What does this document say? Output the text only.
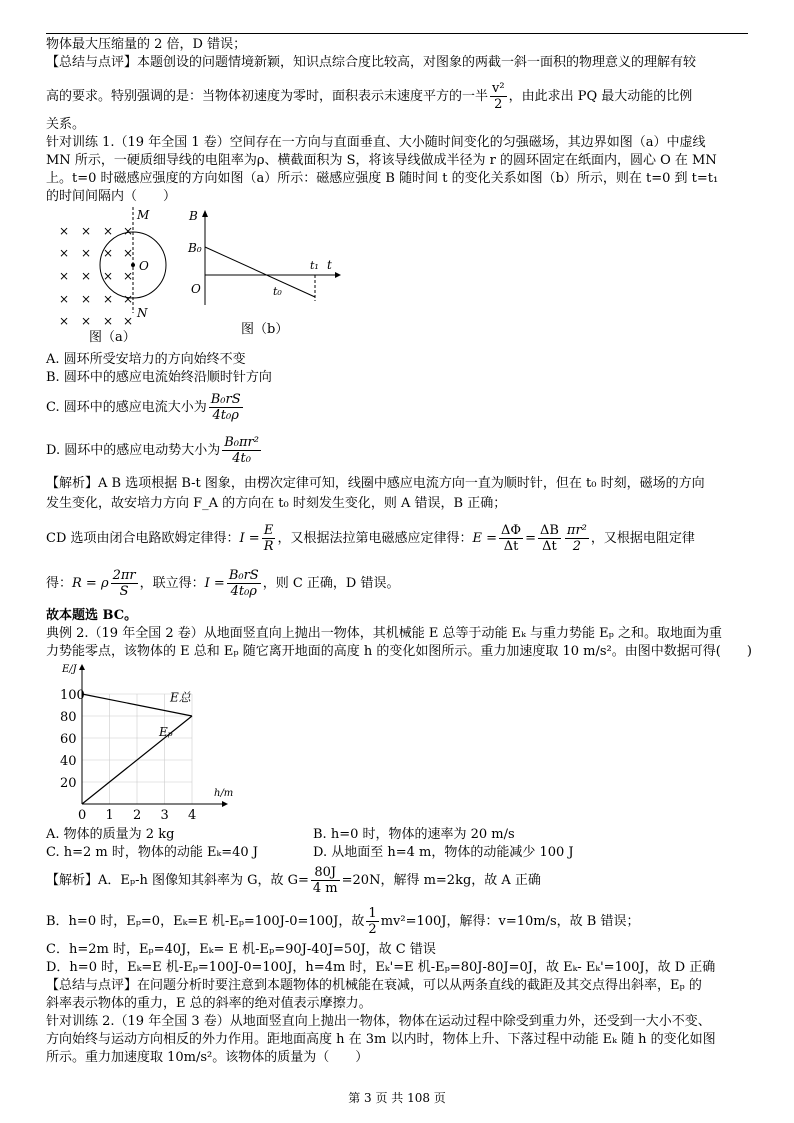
物体最大压缩量的 2 倍，D 错误；
【总结与点评】本题创设的问题情境新颖，知识点综合度比较高，对图象的两截一斜一面积的物理意义的理解有较
高的要求。特别强调的是：当物体初速度为零时，面积表示末速度平方的一半 $\frac{\text{v²}}{2}$ ，由此求出 PQ 最大动能的比例
关系。
针对训练 1.（19 年全国 1 卷）空间存在一方向与直面垂直、大小随时间变化的匀强磁场，其边界如图（a）中虚线
MN 所示，一硬质细导线的电阻率为ρ、横截面积为 S，将该导线做成半径为 r 的圆环固定在纸面内，圆心 O 在 MN
上。t=0 时磁感应强度的方向如图（a）所示：磁感应强度 B 随时间 t 的变化关系如图（b）所示，则在 t=0 到 t=t₁
的时间间隔内（　　）
× × × ×
× × × ×
× × × ×
× × × ×
× × × ×
M
O
N
图（a）
B
B₀
O
t
t₀
t₁
图（b）
A. 圆环所受安培力的方向始终不变
B. 圆环中的感应电流始终沿顺时针方向
C. 圆环中的感应电流大小为 $\frac{\text{B₀rS}}{\text{4t₀ρ}}$
D. 圆环中的感应电动势大小为 $\frac{\text{B₀πr²}}{\text{4t₀}}$
【解析】A B 选项根据 B-t 图象，由楞次定律可知，线圈中感应电流方向一直为顺时针，但在 t₀ 时刻，磁场的方向
发生变化，故安培力方向 F_A 的方向在 t₀ 时刻发生变化，则 A 错误，B 正确；
CD 选项由闭合电路欧姆定律得：$I = \frac{E}{R}$ ，又根据法拉第电磁感应定律得：$E = \frac{\Delta\Phi}{\Delta t} = \frac{\Delta B}{\Delta t} \frac{\text{πr²}}{2}$ ，又根据电阻定律
得：R = ρ $\frac{2\pi r}{S}$ ，联立得：$I = \frac{\text{B₀rS}}{\text{4t₀ρ}}$ ，则 C 正确，D 错误。
故本题选 BC。
典例 2.（19 年全国 2 卷）从地面竖直向上抛出一物体，其机械能 E 总等于动能 Eₖ 与重力势能 Eₚ 之和。取地面为重
力势能零点，该物体的 E 总和 Eₚ 随它离开地面的高度 h 的变化如图所示。重力加速度取 10 m/s²。由图中数据可得(　　)
E/J
h/m
20
40
60
80
100
0 1 2 3 4
E总
Eₚ
A. 物体的质量为 2 kg	B. h=0 时，物体的速率为 20 m/s
C. h=2 m 时，物体的动能 Eₖ=40 J	D. 从地面至 h=4 m，物体的动能减少 100 J
【解析】A．Eₚ-h 图像知其斜率为 G，故 $G= \frac{80J}{4 m} =20N$，解得 m=2kg，故 A 正确
B．h=0 时，Eₚ=0，Eₖ=E 机-Eₚ=100J-0=100J，故 $\frac{1}{2} mv^2=100J$，解得：v=10m/s，故 B 错误；
C．h=2m 时，Eₚ=40J，Eₖ= E 机-Eₚ=90J-40J=50J，故 C 错误
D．h=0 时，Eₖ=E 机-Eₚ=100J-0=100J，h=4m 时，Eₖ'=E 机-Eₚ=80J-80J=0J，故 Eₖ- Eₖ'=100J，故 D 正确
【总结与点评】在问题分析时要注意到本题物体的机械能在衰减，可以从两条直线的截距及其交点得出斜率，Eₚ 的
斜率表示物体的重力，E 总的斜率的绝对值表示摩擦力。
针对训练 2.（19 年全国 3 卷）从地面竖直向上抛出一物体，物体在运动过程中除受到重力外，还受到一大小不变、
方向始终与运动方向相反的外力作用。距地面高度 h 在 3m 以内时，物体上升、下落过程中动能 Eₖ 随 h 的变化如图
所示。重力加速度取 10m/s²。该物体的质量为（　　）
第 3 页 共 108 页
